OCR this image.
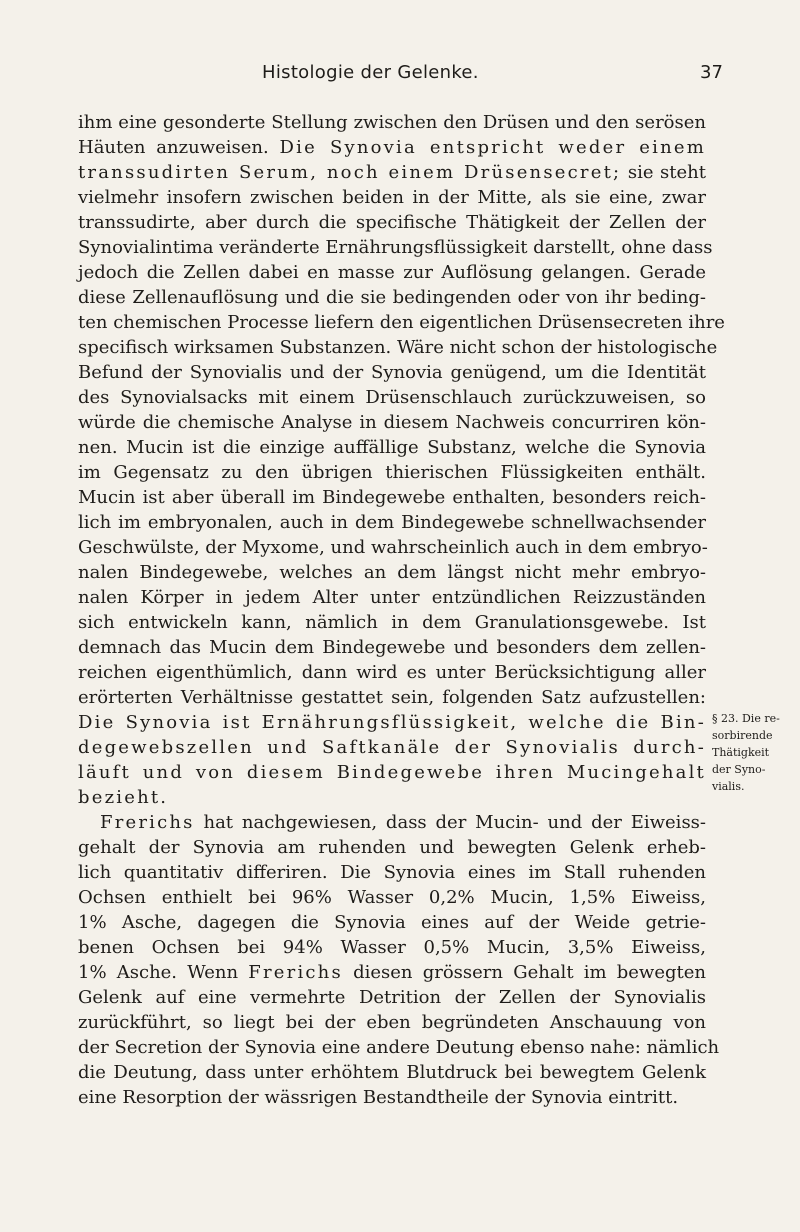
Histologie der Gelenke.	37
ihm eine gesonderte Stellung zwischen den Drüsen und den serösen
Häuten anzuweisen. Die Synovia entspricht weder einem
transsudirten Serum, noch einem Drüsensecret; sie steht
vielmehr insofern zwischen beiden in der Mitte, als sie eine, zwar
transsudirte, aber durch die specifische Thätigkeit der Zellen der
Synovialintima veränderte Ernährungsflüssigkeit darstellt, ohne dass
jedoch die Zellen dabei en masse zur Auflösung gelangen. Gerade
diese Zellenauflösung und die sie bedingenden oder von ihr beding-
ten chemischen Processe liefern den eigentlichen Drüsensecreten ihre
specifisch wirksamen Substanzen. Wäre nicht schon der histologische
Befund der Synovialis und der Synovia genügend, um die Identität
des Synovialsacks mit einem Drüsenschlauch zurückzuweisen, so
würde die chemische Analyse in diesem Nachweis concurriren kön-
nen. Mucin ist die einzige auffällige Substanz, welche die Synovia
im Gegensatz zu den übrigen thierischen Flüssigkeiten enthält.
Mucin ist aber überall im Bindegewebe enthalten, besonders reich-
lich im embryonalen, auch in dem Bindegewebe schnellwachsender
Geschwülste, der Myxome, und wahrscheinlich auch in dem embryo-
nalen Bindegewebe, welches an dem längst nicht mehr embryo-
nalen Körper in jedem Alter unter entzündlichen Reizzuständen
sich entwickeln kann, nämlich in dem Granulationsgewebe. Ist
demnach das Mucin dem Bindegewebe und besonders dem zellen-
reichen eigenthümlich, dann wird es unter Berücksichtigung aller
erörterten Verhältnisse gestattet sein, folgenden Satz aufzustellen:
Die Synovia ist Ernährungsflüssigkeit, welche die Bin-
degewebszellen und Saftkanäle der Synovialis durch-
läuft und von diesem Bindegewebe ihren Mucingehalt
bezieht.
Frerichs hat nachgewiesen, dass der Mucin- und der Eiweiss-
gehalt der Synovia am ruhenden und bewegten Gelenk erheb-
lich quantitativ differiren. Die Synovia eines im Stall ruhenden
Ochsen enthielt bei 96% Wasser 0,2% Mucin, 1,5% Eiweiss,
1% Asche, dagegen die Synovia eines auf der Weide getrie-
benen Ochsen bei 94% Wasser 0,5% Mucin, 3,5% Eiweiss,
1% Asche. Wenn Frerichs diesen grössern Gehalt im bewegten
Gelenk auf eine vermehrte Detrition der Zellen der Synovialis
zurückführt, so liegt bei der eben begründeten Anschauung von
der Secretion der Synovia eine andere Deutung ebenso nahe: nämlich
die Deutung, dass unter erhöhtem Blutdruck bei bewegtem Gelenk
eine Resorption der wässrigen Bestandtheile der Synovia eintritt.
§ 23. Die re-
sorbirende
Thätigkeit
der Syno-
vialis.
